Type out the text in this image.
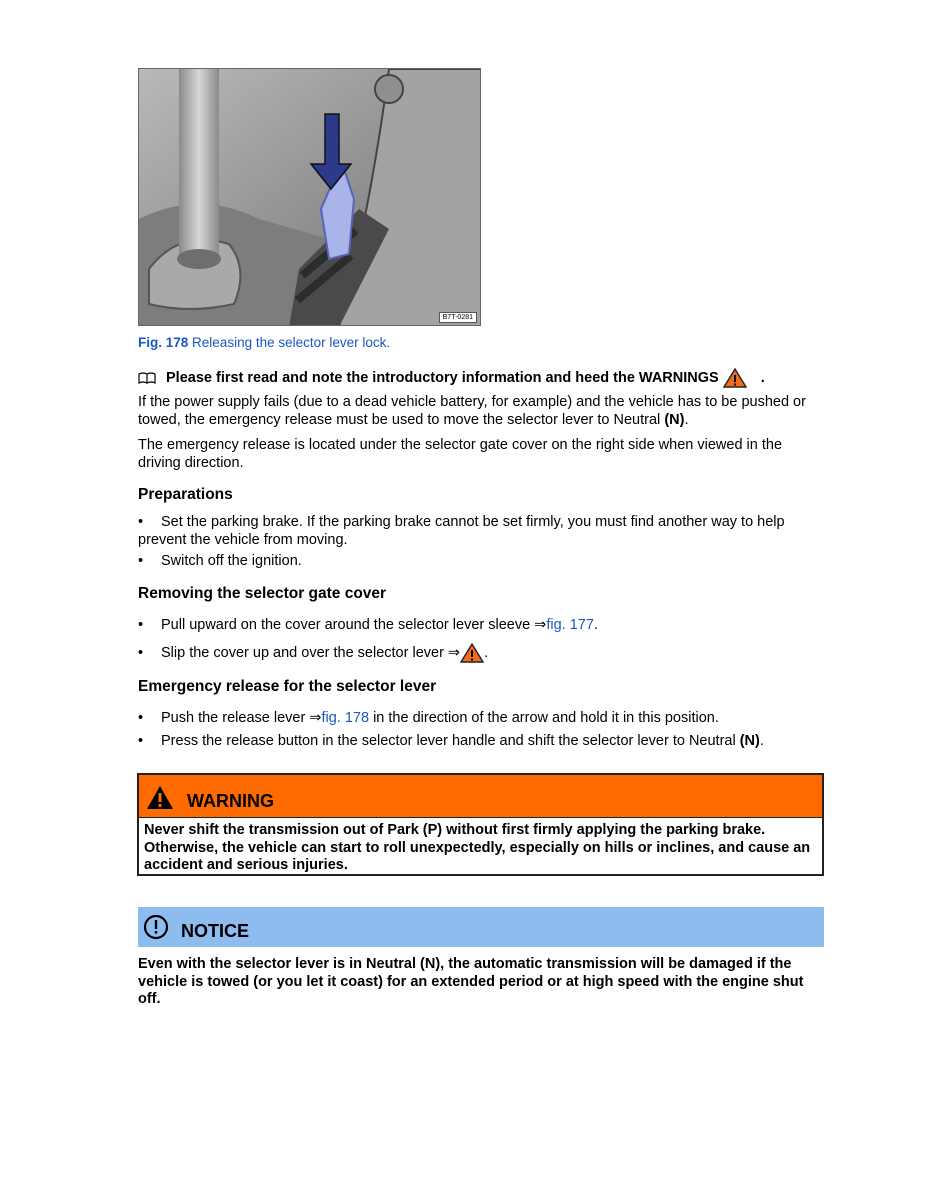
B7T-0281
Fig. 178 Releasing the selector lever lock.
Please first read and note the introductory information and heed the WARNINGS	.

If the power supply fails (due to a dead vehicle battery, for example) and the vehicle has to be pushed or towed, the emergency release must be used to move the selector lever to Neutral (N).

The emergency release is located under the selector gate cover on the right side when viewed in the driving direction.

Preparations
• Set the parking brake. If the parking brake cannot be set firmly, you must find another way to help prevent the vehicle from moving.
• Switch off the ignition.
Removing the selector gate cover
• Pull upward on the cover around the selector lever sleeve ⇒fig. 177.
• Slip the cover up and over the selector lever ⇒ .
Emergency release for the selector lever
• Push the release lever ⇒fig. 178 in the direction of the arrow and hold it in this position.
• Press the release button in the selector lever handle and shift the selector lever to Neutral (N).
WARNING
Never shift the transmission out of Park (P) without first firmly applying the parking brake. Otherwise, the vehicle can start to roll unexpectedly, especially on hills or inclines, and cause an accident and serious injuries.
NOTICE
Even with the selector lever is in Neutral (N), the automatic transmission will be damaged if the vehicle is towed (or you let it coast) for an extended period or at high speed with the engine shut off.
